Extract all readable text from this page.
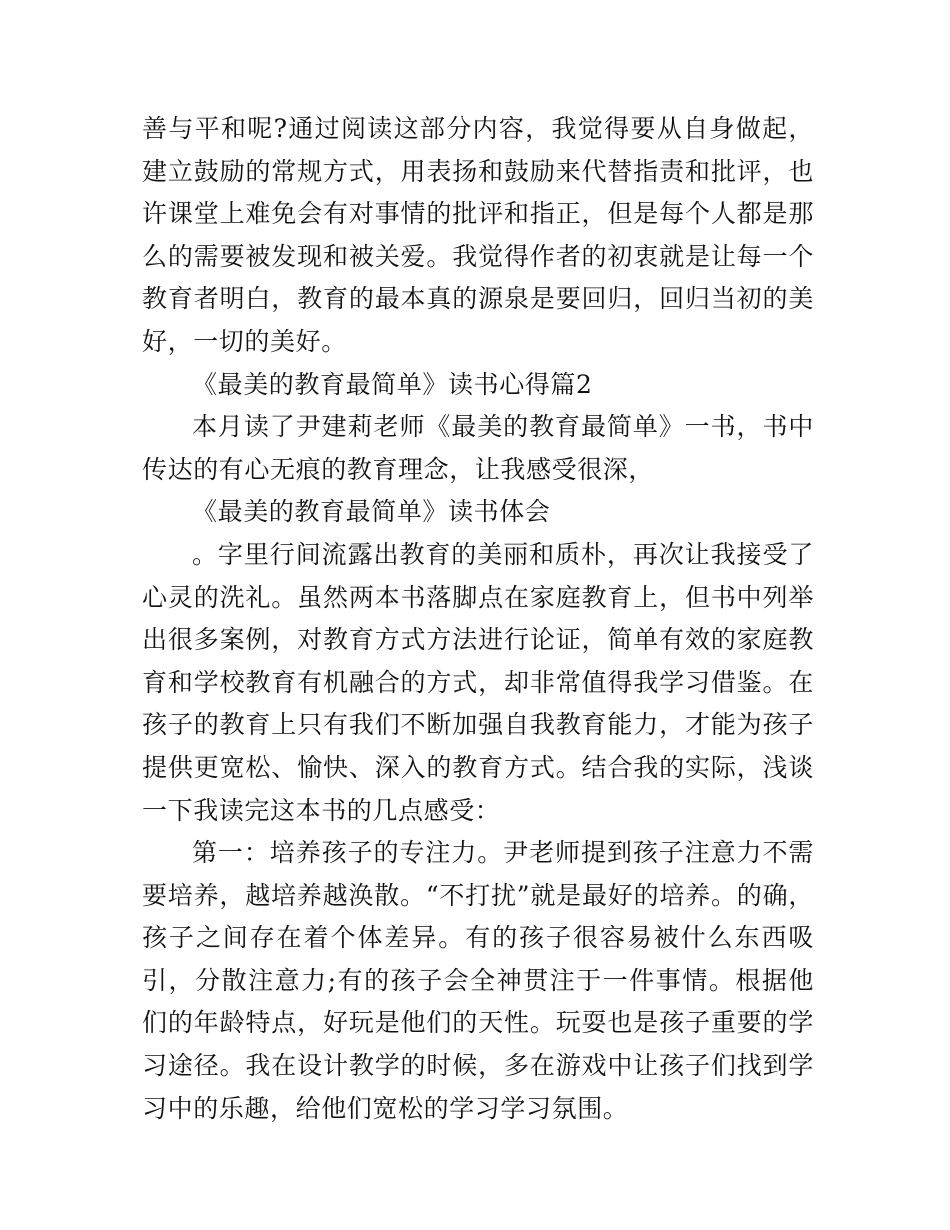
善与平和呢?通过阅读这部分内容，我觉得要从自身做起，建立鼓励的常规方式，用表扬和鼓励来代替指责和批评，也许课堂上难免会有对事情的批评和指正，但是每个人都是那么的需要被发现和被关爱。我觉得作者的初衷就是让每一个教育者明白，教育的最本真的源泉是要回归，回归当初的美好，一切的美好。

《最美的教育最简单》读书心得篇2

本月读了尹建莉老师《最美的教育最简单》一书，书中传达的有心无痕的教育理念，让我感受很深，

《最美的教育最简单》读书体会

。字里行间流露出教育的美丽和质朴，再次让我接受了心灵的洗礼。虽然两本书落脚点在家庭教育上，但书中列举出很多案例，对教育方式方法进行论证，简单有效的家庭教育和学校教育有机融合的方式，却非常值得我学习借鉴。在孩子的教育上只有我们不断加强自我教育能力，才能为孩子提供更宽松、愉快、深入的教育方式。结合我的实际，浅谈一下我读完这本书的几点感受：

第一：培养孩子的专注力。尹老师提到孩子注意力不需要培养，越培养越涣散。“不打扰”就是最好的培养。的确，孩子之间存在着个体差异。有的孩子很容易被什么东西吸引，分散注意力;有的孩子会全神贯注于一件事情。根据他们的年龄特点，好玩是他们的天性。玩耍也是孩子重要的学习途径。我在设计教学的时候，多在游戏中让孩子们找到学习中的乐趣，给他们宽松的学习学习氛围。
